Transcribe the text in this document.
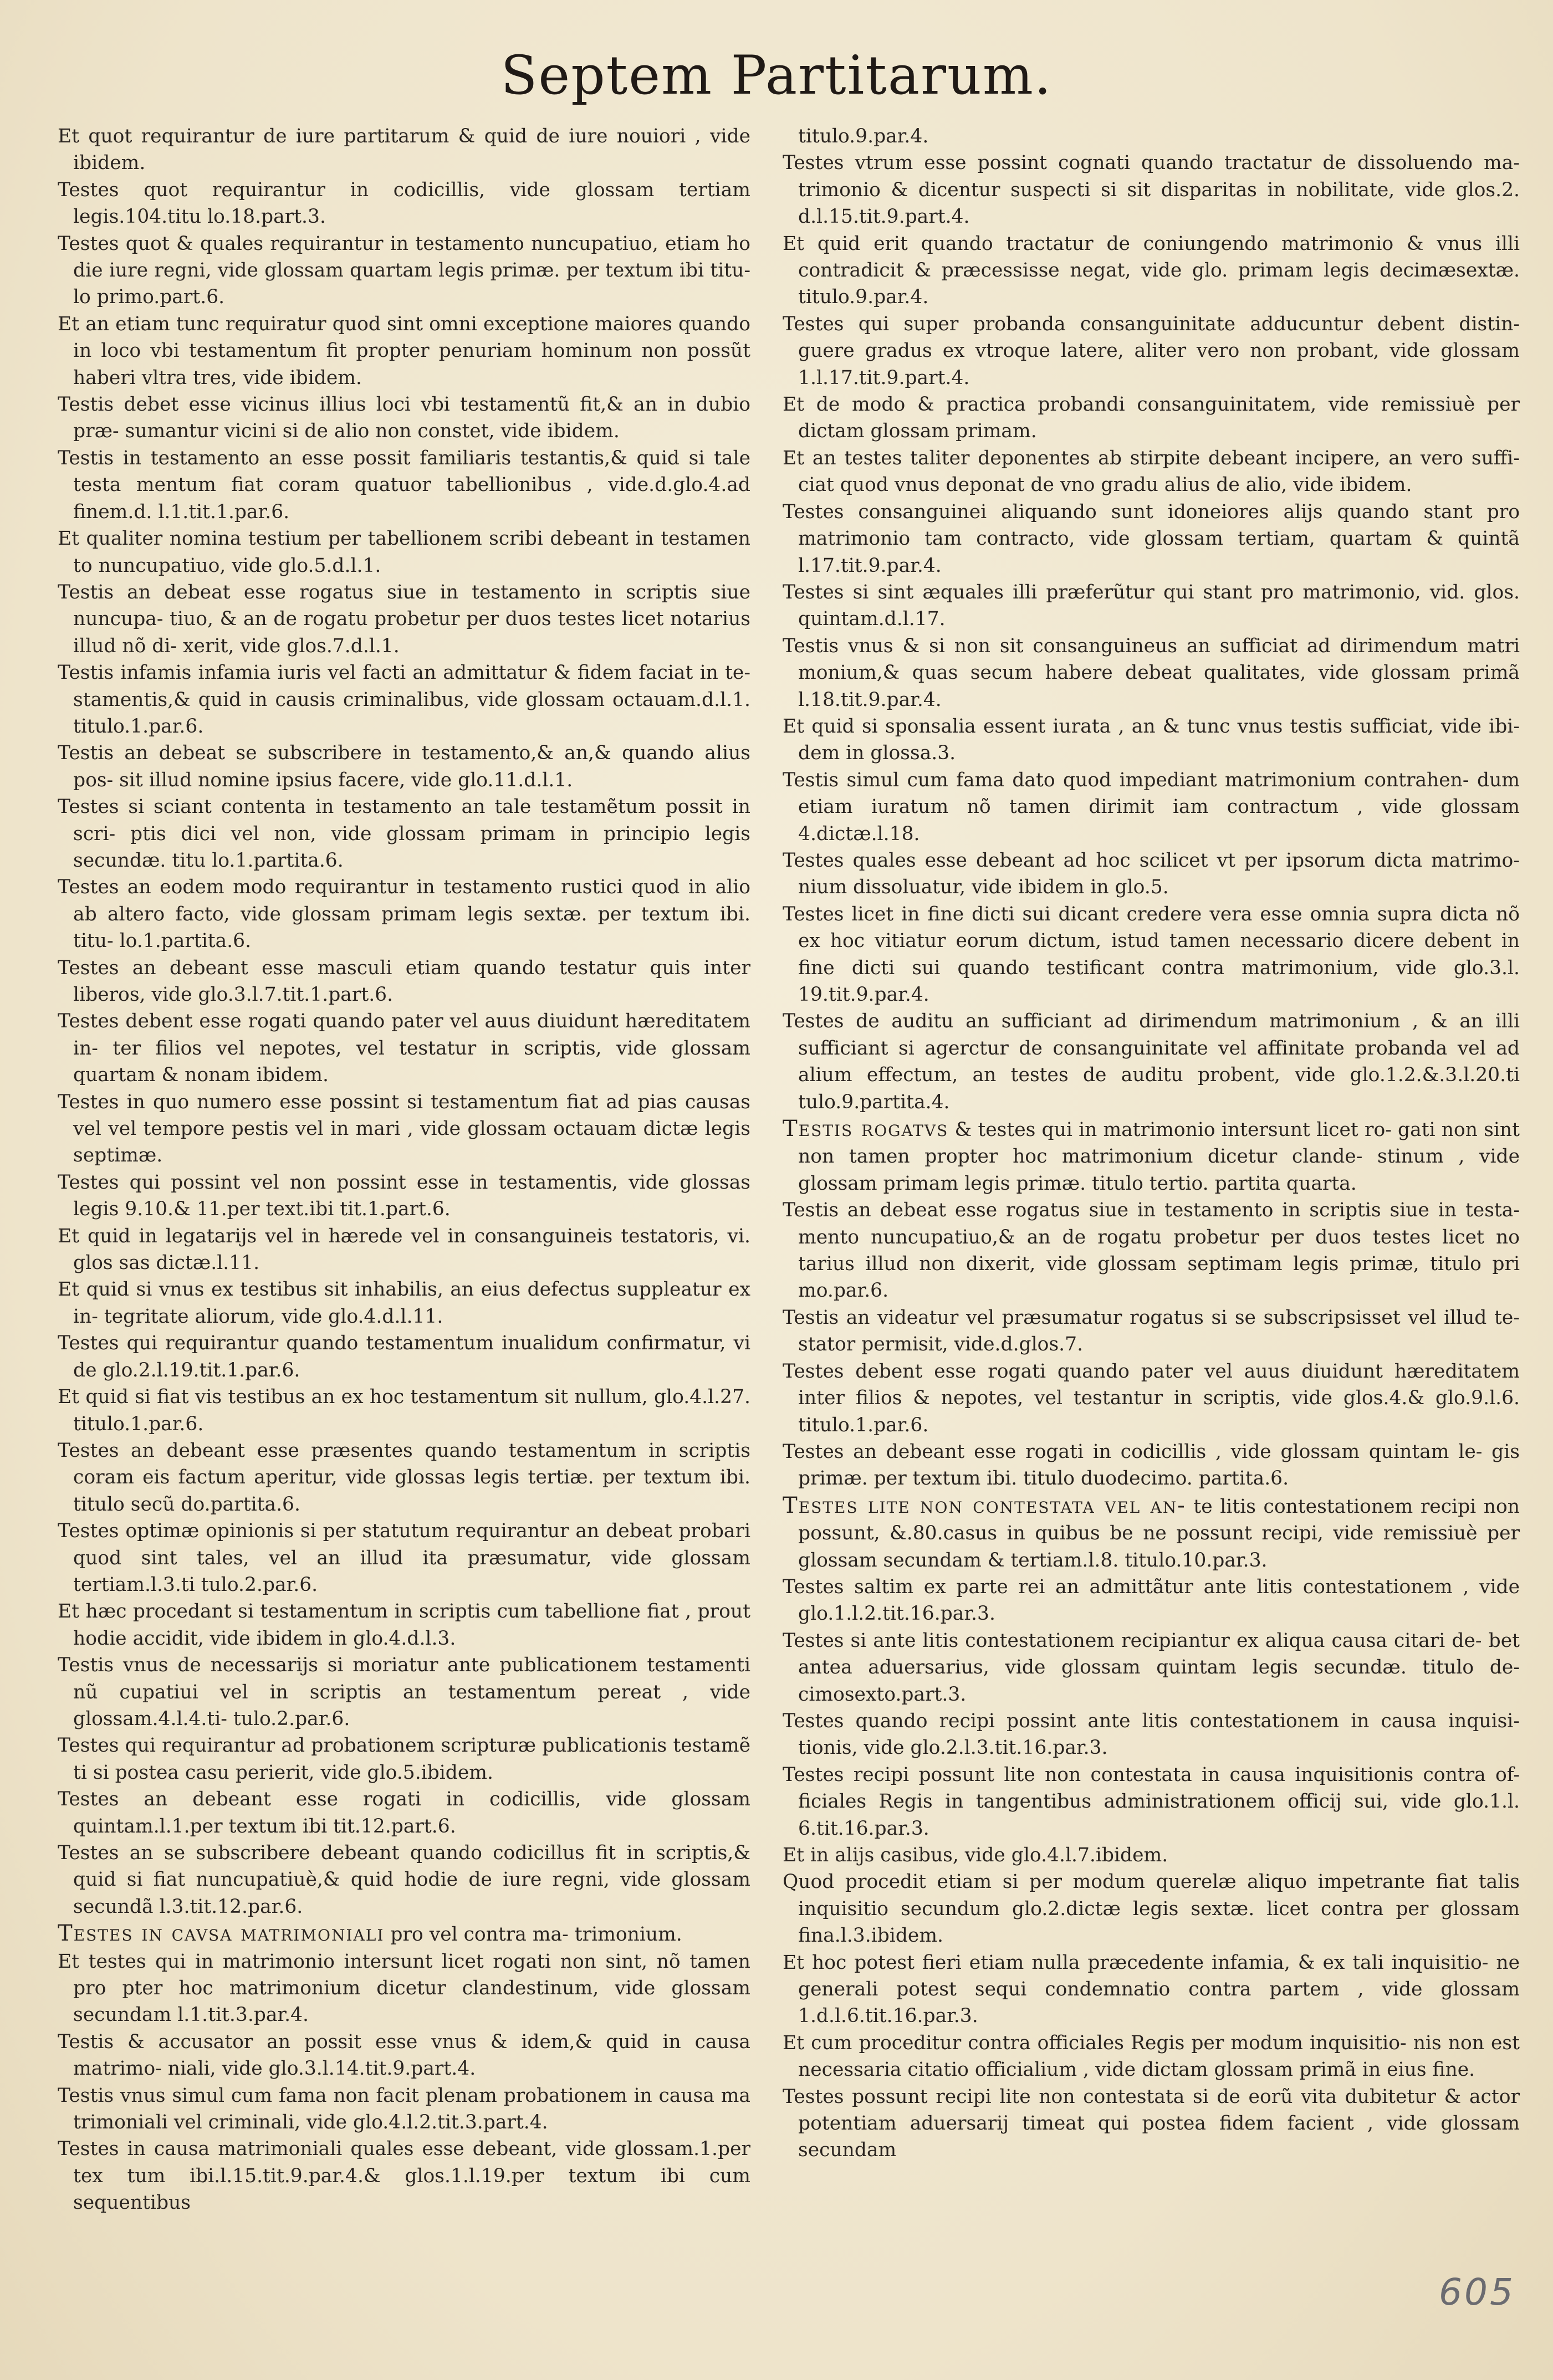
Septem Partitarum.

Et quot requirantur de iure partitarum & quid de iure nouiori , vide ibidem.

Testes quot requirantur in codicillis, vide glossam tertiam legis.104.titu lo.18.part.3.

Testes quot & quales requirantur in testamento nuncupatiuo, etiam ho die iure regni, vide glossam quartam legis primæ. per textum ibi titu- lo primo.part.6.

Et an etiam tunc requiratur quod sint omni exceptione maiores quando in loco vbi testamentum fit propter penuriam hominum non possũt haberi vltra tres, vide ibidem.

Testis debet esse vicinus illius loci vbi testamentũ fit,& an in dubio præ- sumantur vicini si de alio non constet, vide ibidem.

Testis in testamento an esse possit familiaris testantis,& quid si tale testa mentum fiat coram quatuor tabellionibus , vide.d.glo.4.ad finem.d. l.1.tit.1.par.6.

Et qualiter nomina testium per tabellionem scribi debeant in testamen to nuncupatiuo, vide glo.5.d.l.1.

Testis an debeat esse rogatus siue in testamento in scriptis siue nuncupa- tiuo, & an de rogatu probetur per duos testes licet notarius illud nõ di- xerit, vide glos.7.d.l.1.

Testis infamis infamia iuris vel facti an admittatur & fidem faciat in te- stamentis,& quid in causis criminalibus, vide glossam octauam.d.l.1. titulo.1.par.6.

Testis an debeat se subscribere in testamento,& an,& quando alius pos- sit illud nomine ipsius facere, vide glo.11.d.l.1.

Testes si sciant contenta in testamento an tale testamẽtum possit in scri- ptis dici vel non, vide glossam primam in principio legis secundæ. titu lo.1.partita.6.

Testes an eodem modo requirantur in testamento rustici quod in alio ab altero facto, vide glossam primam legis sextæ. per textum ibi. titu- lo.1.partita.6.

Testes an debeant esse masculi etiam quando testatur quis inter liberos, vide glo.3.l.7.tit.1.part.6.

Testes debent esse rogati quando pater vel auus diuidunt hæreditatem in- ter filios vel nepotes, vel testatur in scriptis, vide glossam quartam & nonam ibidem.

Testes in quo numero esse possint si testamentum fiat ad pias causas vel vel tempore pestis vel in mari , vide glossam octauam dictæ legis septimæ.

Testes qui possint vel non possint esse in testamentis, vide glossas legis 9.10.& 11.per text.ibi tit.1.part.6.

Et quid in legatarijs vel in hærede vel in consanguineis testatoris, vi. glos sas dictæ.l.11.

Et quid si vnus ex testibus sit inhabilis, an eius defectus suppleatur ex in- tegritate aliorum, vide glo.4.d.l.11.

Testes qui requirantur quando testamentum inualidum confirmatur, vi de glo.2.l.19.tit.1.par.6.

Et quid si fiat vis testibus an ex hoc testamentum sit nullum, glo.4.l.27. titulo.1.par.6.

Testes an debeant esse præsentes quando testamentum in scriptis coram eis factum aperitur, vide glossas legis tertiæ. per textum ibi. titulo secũ do.partita.6.

Testes optimæ opinionis si per statutum requirantur an debeat probari quod sint tales, vel an illud ita præsumatur, vide glossam tertiam.l.3.ti tulo.2.par.6.

Et hæc procedant si testamentum in scriptis cum tabellione fiat , prout hodie accidit, vide ibidem in glo.4.d.l.3.

Testis vnus de necessarijs si moriatur ante publicationem testamenti nũ cupatiui vel in scriptis an testamentum pereat , vide glossam.4.l.4.ti- tulo.2.par.6.

Testes qui requirantur ad probationem scripturæ publicationis testamẽ ti si postea casu perierit, vide glo.5.ibidem.

Testes an debeant esse rogati in codicillis, vide glossam quintam.l.1.per textum ibi tit.12.part.6.

Testes an se subscribere debeant quando codicillus fit in scriptis,& quid si fiat nuncupatiuè,& quid hodie de iure regni, vide glossam secundã l.3.tit.12.par.6.

Testes in cavsa matrimoniali pro vel contra ma- trimonium.

Et testes qui in matrimonio intersunt licet rogati non sint, nõ tamen pro pter hoc matrimonium dicetur clandestinum, vide glossam secundam l.1.tit.3.par.4.

Testis & accusator an possit esse vnus & idem,& quid in causa matrimo- niali, vide glo.3.l.14.tit.9.part.4.

Testis vnus simul cum fama non facit plenam probationem in causa ma trimoniali vel criminali, vide glo.4.l.2.tit.3.part.4.

Testes in causa matrimoniali quales esse debeant, vide glossam.1.per tex tum ibi.l.15.tit.9.par.4.& glos.1.l.19.per textum ibi cum sequentibus

titulo.9.par.4.

Testes vtrum esse possint cognati quando tractatur de dissoluendo ma- trimonio & dicentur suspecti si sit disparitas in nobilitate, vide glos.2. d.l.15.tit.9.part.4.

Et quid erit quando tractatur de coniungendo matrimonio & vnus illi contradicit & præcessisse negat, vide glo. primam legis decimæsextæ. titulo.9.par.4.

Testes qui super probanda consanguinitate adducuntur debent distin- guere gradus ex vtroque latere, aliter vero non probant, vide glossam 1.l.17.tit.9.part.4.

Et de modo & practica probandi consanguinitatem, vide remissiuè per dictam glossam primam.

Et an testes taliter deponentes ab stirpite debeant incipere, an vero suffi- ciat quod vnus deponat de vno gradu alius de alio, vide ibidem.

Testes consanguinei aliquando sunt idoneiores alijs quando stant pro matrimonio tam contracto, vide glossam tertiam, quartam & quintã l.17.tit.9.par.4.

Testes si sint æquales illi præferũtur qui stant pro matrimonio, vid. glos. quintam.d.l.17.

Testis vnus & si non sit consanguineus an sufficiat ad dirimendum matri monium,& quas secum habere debeat qualitates, vide glossam primã l.18.tit.9.par.4.

Et quid si sponsalia essent iurata , an & tunc vnus testis sufficiat, vide ibi- dem in glossa.3.

Testis simul cum fama dato quod impediant matrimonium contrahen- dum etiam iuratum nõ tamen dirimit iam contractum , vide glossam 4.dictæ.l.18.

Testes quales esse debeant ad hoc scilicet vt per ipsorum dicta matrimo- nium dissoluatur, vide ibidem in glo.5.

Testes licet in fine dicti sui dicant credere vera esse omnia supra dicta nõ ex hoc vitiatur eorum dictum, istud tamen necessario dicere debent in fine dicti sui quando testificant contra matrimonium, vide glo.3.l. 19.tit.9.par.4.

Testes de auditu an sufficiant ad dirimendum matrimonium , & an illi sufficiant si agerctur de consanguinitate vel affinitate probanda vel ad alium effectum, an testes de auditu probent, vide glo.1.2.&.3.l.20.ti tulo.9.partita.4.

Testis rogatvs & testes qui in matrimonio intersunt licet ro- gati non sint non tamen propter hoc matrimonium dicetur clande- stinum , vide glossam primam legis primæ. titulo tertio. partita quarta.

Testis an debeat esse rogatus siue in testamento in scriptis siue in testa- mento nuncupatiuo,& an de rogatu probetur per duos testes licet no tarius illud non dixerit, vide glossam septimam legis primæ, titulo pri mo.par.6.

Testis an videatur vel præsumatur rogatus si se subscripsisset vel illud te- stator permisit, vide.d.glos.7.

Testes debent esse rogati quando pater vel auus diuidunt hæreditatem inter filios & nepotes, vel testantur in scriptis, vide glos.4.& glo.9.l.6. titulo.1.par.6.

Testes an debeant esse rogati in codicillis , vide glossam quintam le- gis primæ. per textum ibi. titulo duodecimo. partita.6.

Testes lite non contestata vel an- te litis contestationem recipi non possunt, &.80.casus in quibus be ne possunt recipi, vide remissiuè per glossam secundam & tertiam.l.8. titulo.10.par.3.

Testes saltim ex parte rei an admittãtur ante litis contestationem , vide glo.1.l.2.tit.16.par.3.

Testes si ante litis contestationem recipiantur ex aliqua causa citari de- bet antea aduersarius, vide glossam quintam legis secundæ. titulo de- cimosexto.part.3.

Testes quando recipi possint ante litis contestationem in causa inquisi- tionis, vide glo.2.l.3.tit.16.par.3.

Testes recipi possunt lite non contestata in causa inquisitionis contra of- ficiales Regis in tangentibus administrationem officij sui, vide glo.1.l. 6.tit.16.par.3.

Et in alijs casibus, vide glo.4.l.7.ibidem.

Quod procedit etiam si per modum querelæ aliquo impetrante fiat talis inquisitio secundum glo.2.dictæ legis sextæ. licet contra per glossam fina.l.3.ibidem.

Et hoc potest fieri etiam nulla præcedente infamia, & ex tali inquisitio- ne generali potest sequi condemnatio contra partem , vide glossam 1.d.l.6.tit.16.par.3.

Et cum proceditur contra officiales Regis per modum inquisitio- nis non est necessaria citatio officialium , vide dictam glossam primã in eius fine.

Testes possunt recipi lite non contestata si de eorũ vita dubitetur & actor potentiam aduersarij timeat qui postea fidem facient , vide glossam secundam

605
